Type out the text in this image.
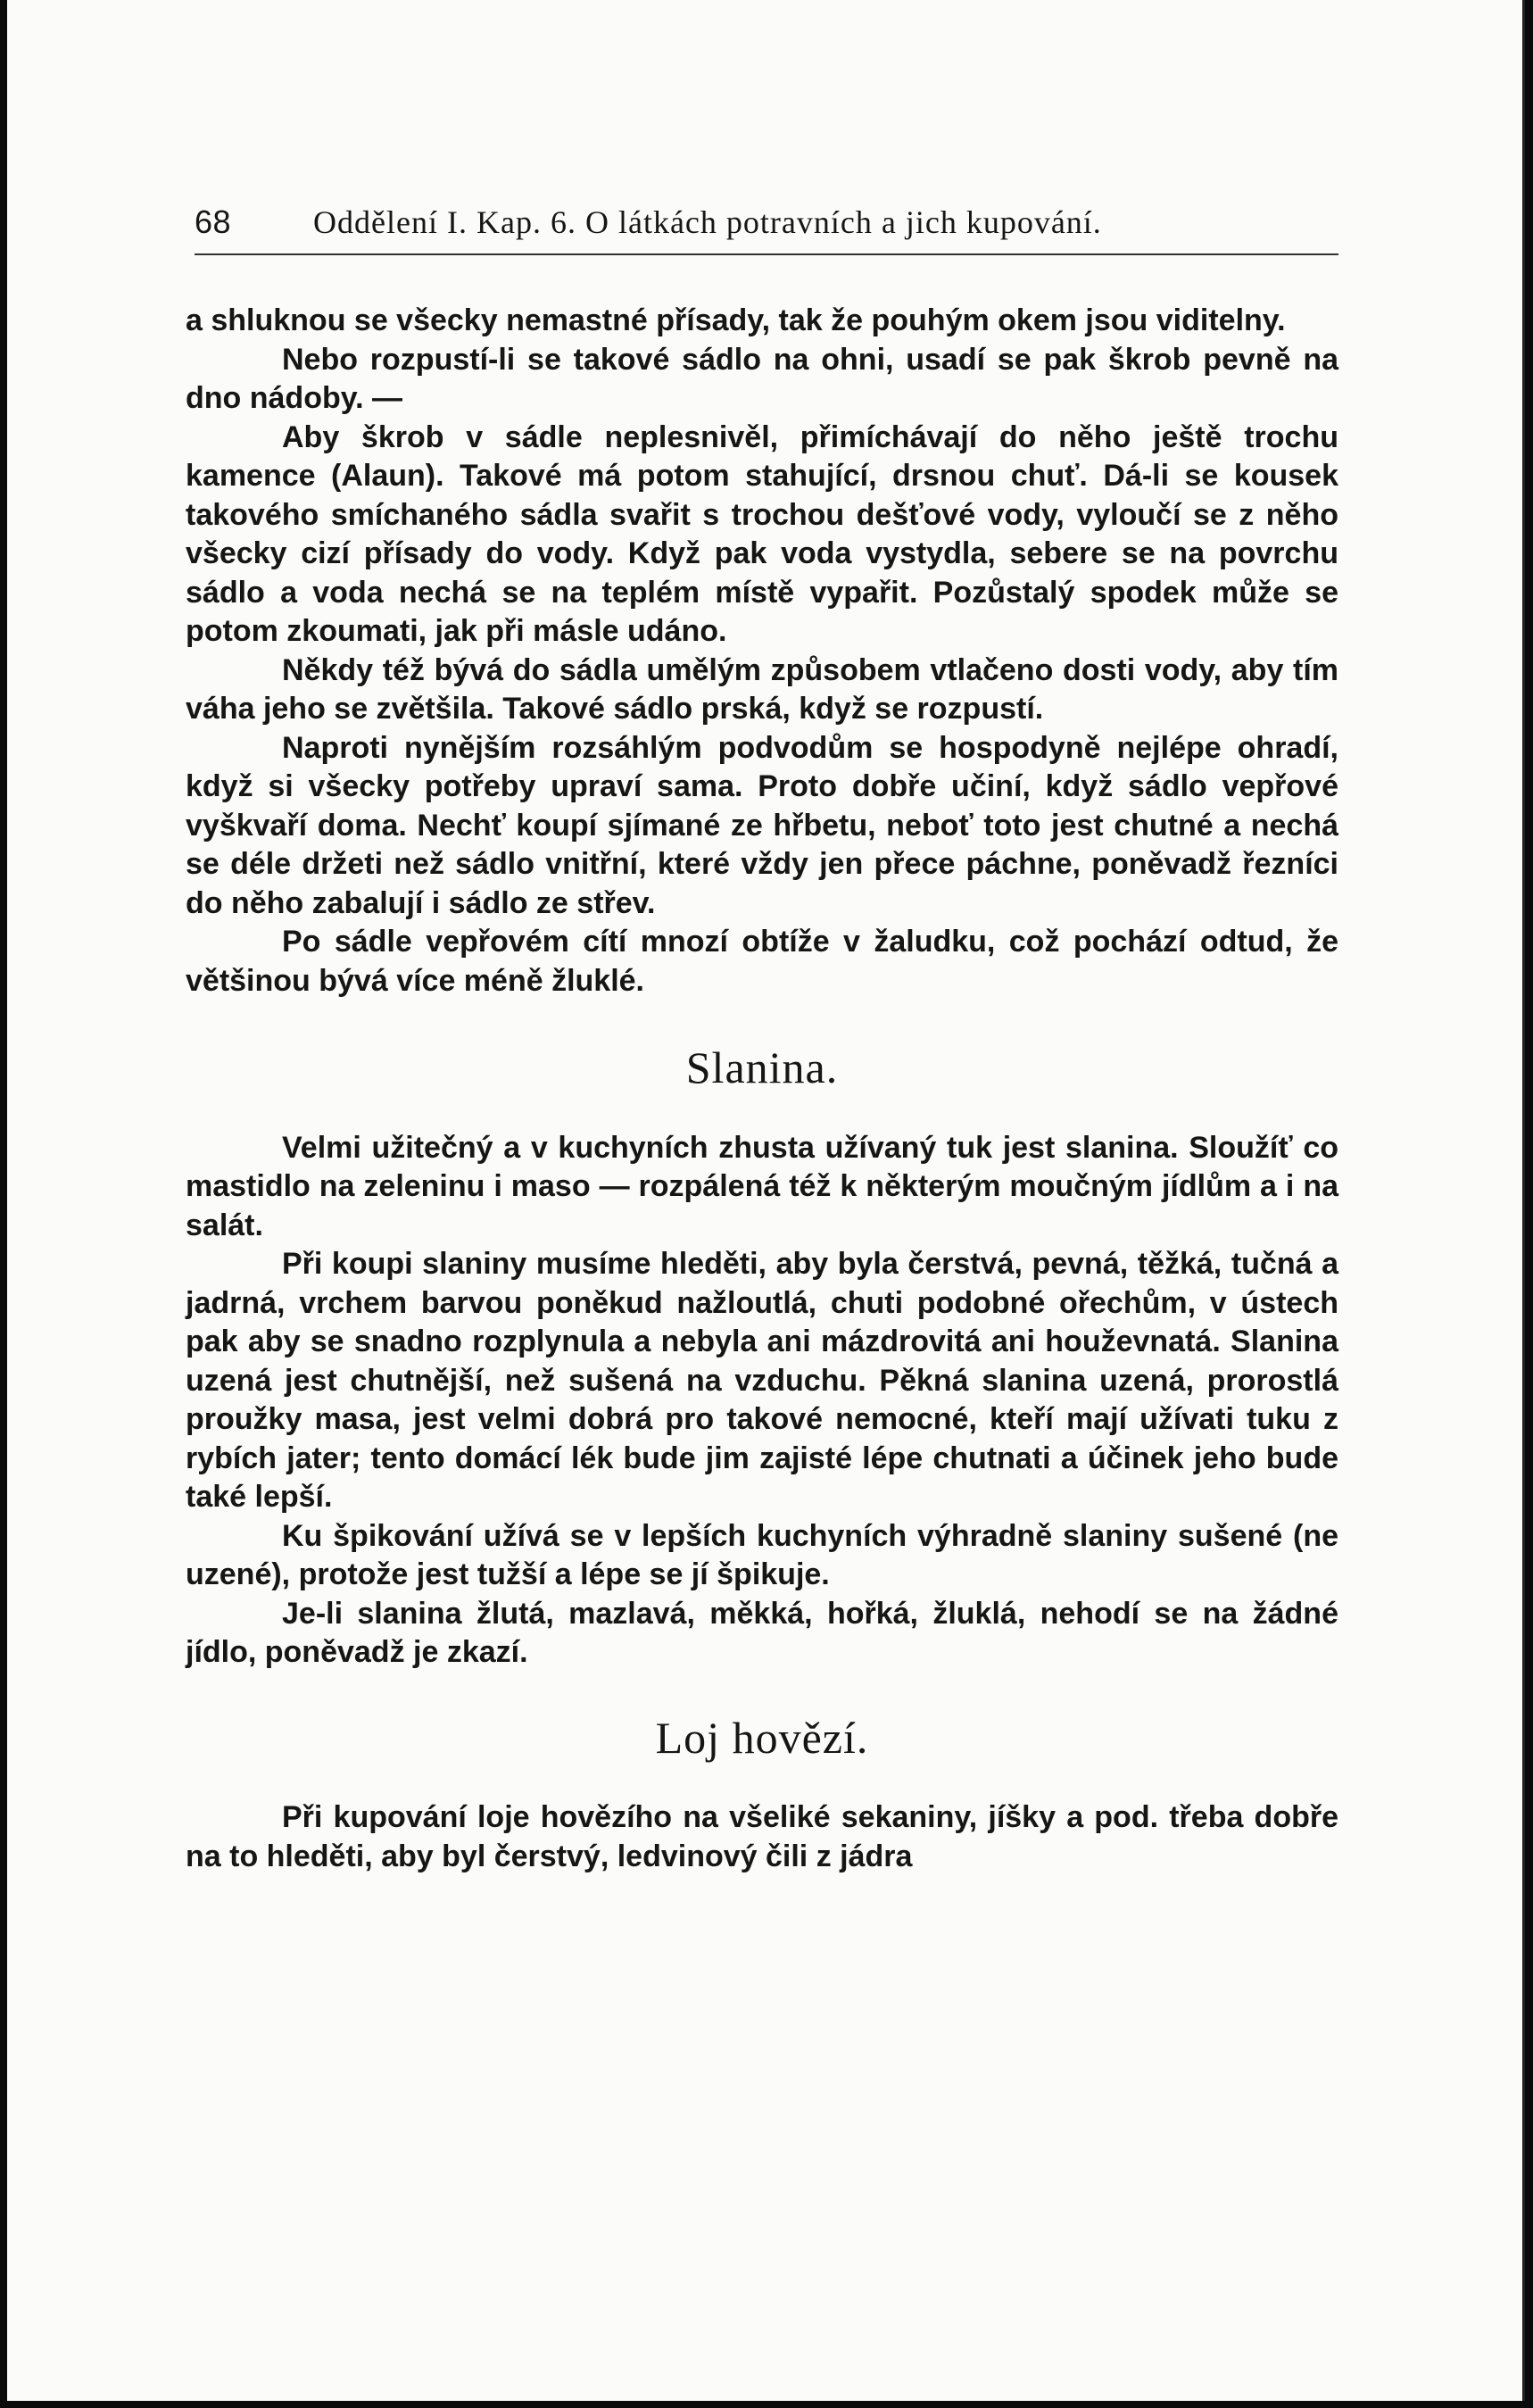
68	Oddělení I. Kap. 6. O látkách potravních a jich kupování.

a shluknou se všecky nemastné přísady, tak že pouhým okem jsou viditelny.

Nebo rozpustí-li se takové sádlo na ohni, usadí se pak škrob pevně na dno nádoby. —

Aby škrob v sádle neplesnivěl, přimíchávají do něho ještě trochu kamence (Alaun). Takové má potom stahující, drsnou chuť. Dá-li se kousek takového smíchaného sádla svařit s trochou dešťové vody, vyloučí se z něho všecky cizí přísady do vody. Když pak voda vystydla, sebere se na povrchu sádlo a voda nechá se na teplém místě vypařit. Pozůstalý spodek může se potom zkoumati, jak při másle udáno.

Někdy též bývá do sádla umělým způsobem vtlačeno dosti vody, aby tím váha jeho se zvětšila. Takové sádlo prská, když se rozpustí.

Naproti nynějším rozsáhlým podvodům se hospodyně nejlépe ohradí, když si všecky potřeby upraví sama. Proto dobře učiní, když sádlo vepřové vyškvaří doma. Nechť koupí sjímané ze hřbetu, neboť toto jest chutné a nechá se déle držeti než sádlo vnitřní, které vždy jen přece páchne, poněvadž řezníci do něho zabalují i sádlo ze střev.

Po sádle vepřovém cítí mnozí obtíže v žaludku, což pochází odtud, že většinou bývá více méně žluklé.

Slanina.

Velmi užitečný a v kuchyních zhusta užívaný tuk jest slanina. Sloužíť co mastidlo na zeleninu i maso — rozpálená též k některým moučným jídlům a i na salát.

Při koupi slaniny musíme hleděti, aby byla čerstvá, pevná, těžká, tučná a jadrná, vrchem barvou poněkud nažloutlá, chuti podobné ořechům, v ústech pak aby se snadno rozplynula a nebyla ani mázdrovitá ani houževnatá. Slanina uzená jest chutnější, než sušená na vzduchu. Pěkná slanina uzená, prorostlá proužky masa, jest velmi dobrá pro takové nemocné, kteří mají užívati tuku z rybích jater; tento domácí lék bude jim zajisté lépe chutnati a účinek jeho bude také lepší.

Ku špikování užívá se v lepších kuchyních výhradně slaniny sušené (ne uzené), protože jest tužší a lépe se jí špikuje.

Je-li slanina žlutá, mazlavá, měkká, hořká, žluklá, nehodí se na žádné jídlo, poněvadž je zkazí.

Loj hovězí.

Při kupování loje hovězího na všeliké sekaniny, jíšky a pod. třeba dobře na to hleděti, aby byl čerstvý, ledvinový čili z jádra
